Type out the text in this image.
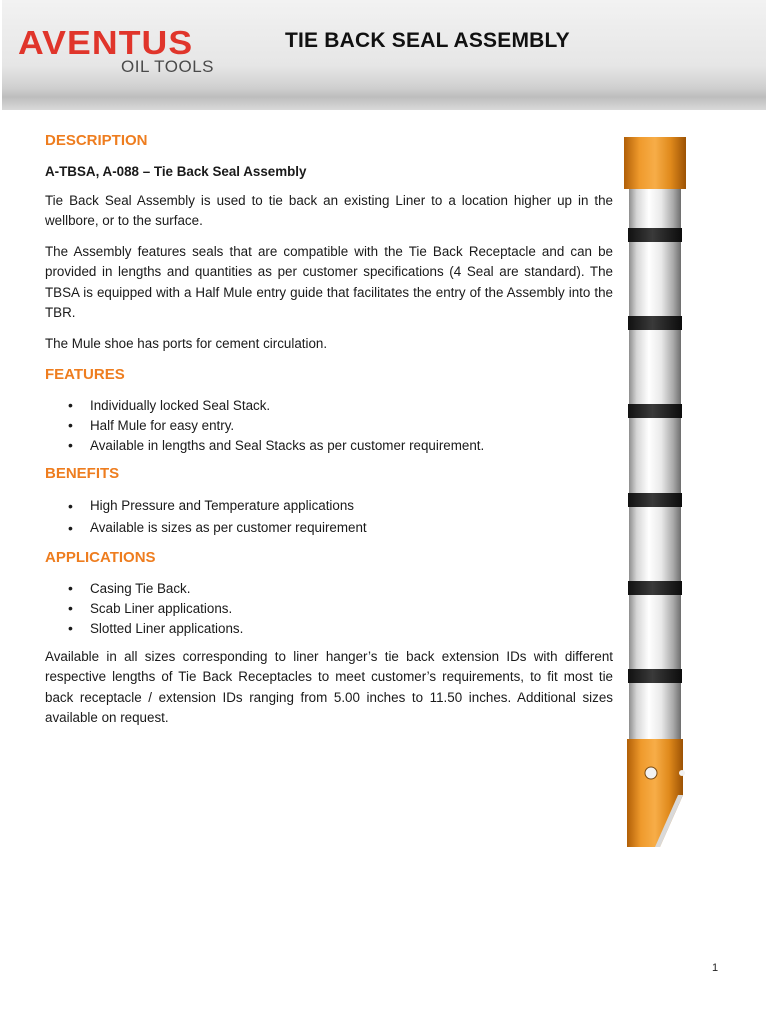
AVENTUS
OIL TOOLS
TIE BACK SEAL ASSEMBLY
DESCRIPTION
A-TBSA, A-088 – Tie Back Seal Assembly

Tie Back Seal Assembly is used to tie back an existing Liner to a location higher up in the wellbore, or to the surface.

The Assembly features seals that are compatible with the Tie Back Receptacle and can be provided in lengths and quantities as per customer specifications (4 Seal are standard). The TBSA is equipped with a Half Mule entry guide that facilitates the entry of the Assembly into the TBR.

The Mule shoe has ports for cement circulation.

FEATURES
• Individually locked Seal Stack.
• Half Mule for easy entry.
• Available in lengths and Seal Stacks as per customer requirement.
BENEFITS
• High Pressure and Temperature applications
• Available is sizes as per customer requirement
APPLICATIONS
• Casing Tie Back.
• Scab Liner applications.
• Slotted Liner applications.

Available in all sizes corresponding to liner hanger’s tie back extension IDs with different respective lengths of Tie Back Receptacles to meet customer’s requirements, to fit most tie back receptacle / extension IDs ranging from 5.00 inches to 11.50 inches. Additional sizes available on request.

1
